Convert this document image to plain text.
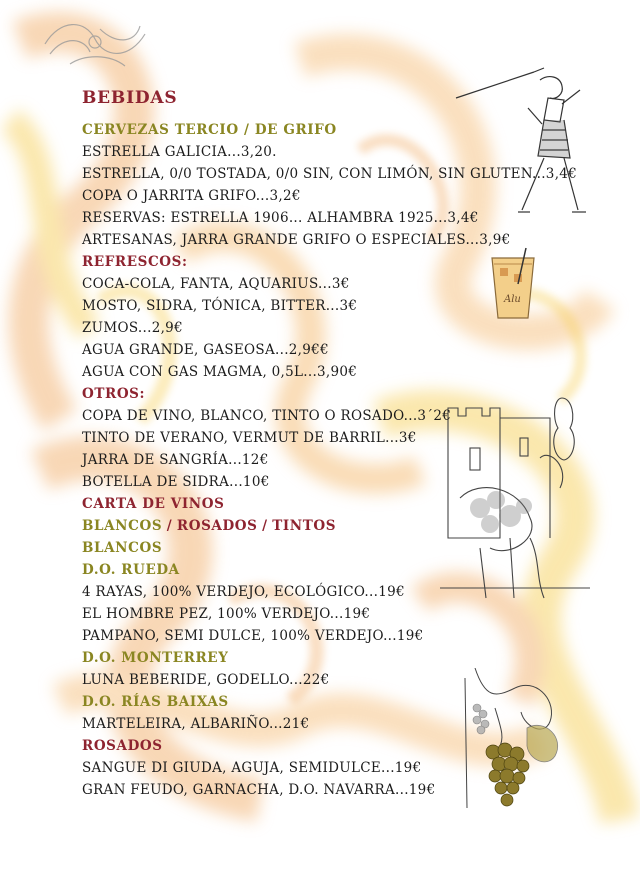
Alu
BEBIDAS
CERVEZAS TERCIO / DE GRIFO
ESTRELLA GALICIA...3,20.
ESTRELLA, 0/0 TOSTADA, 0/0 SIN, CON LIMÓN, SIN GLUTEN...3,4€
COPA O JARRITA GRIFO...3,2€
RESERVAS: ESTRELLA 1906... ALHAMBRA 1925...3,4€
ARTESANAS, JARRA GRANDE GRIFO O ESPECIALES...3,9€
REFRESCOS:
COCA-COLA, FANTA, AQUARIUS...3€
MOSTO, SIDRA, TÓNICA, BITTER...3€
ZUMOS...2,9€
AGUA GRANDE, GASEOSA...2,9€€
AGUA CON GAS MAGMA, 0,5L...3,90€
OTROS:
COPA DE VINO, BLANCO, TINTO O ROSADO...3´2€
TINTO DE VERANO, VERMUT DE BARRIL...3€
JARRA DE SANGRÍA...12€
BOTELLA DE SIDRA...10€
CARTA DE VINOS
BLANCOS / ROSADOS / TINTOS
BLANCOS
D.O. RUEDA
4 RAYAS, 100% VERDEJO, ECOLÓGICO...19€
EL HOMBRE PEZ, 100% VERDEJO...19€
PAMPANO, SEMI DULCE, 100% VERDEJO...19€
D.O. MONTERREY
LUNA BEBERIDE, GODELLO...22€
D.O. RÍAS BAIXAS
MARTELEIRA, ALBARIÑO...21€
ROSADOS
SANGUE DI GIUDA, AGUJA, SEMIDULCE...19€
GRAN FEUDO, GARNACHA, D.O. NAVARRA...19€
